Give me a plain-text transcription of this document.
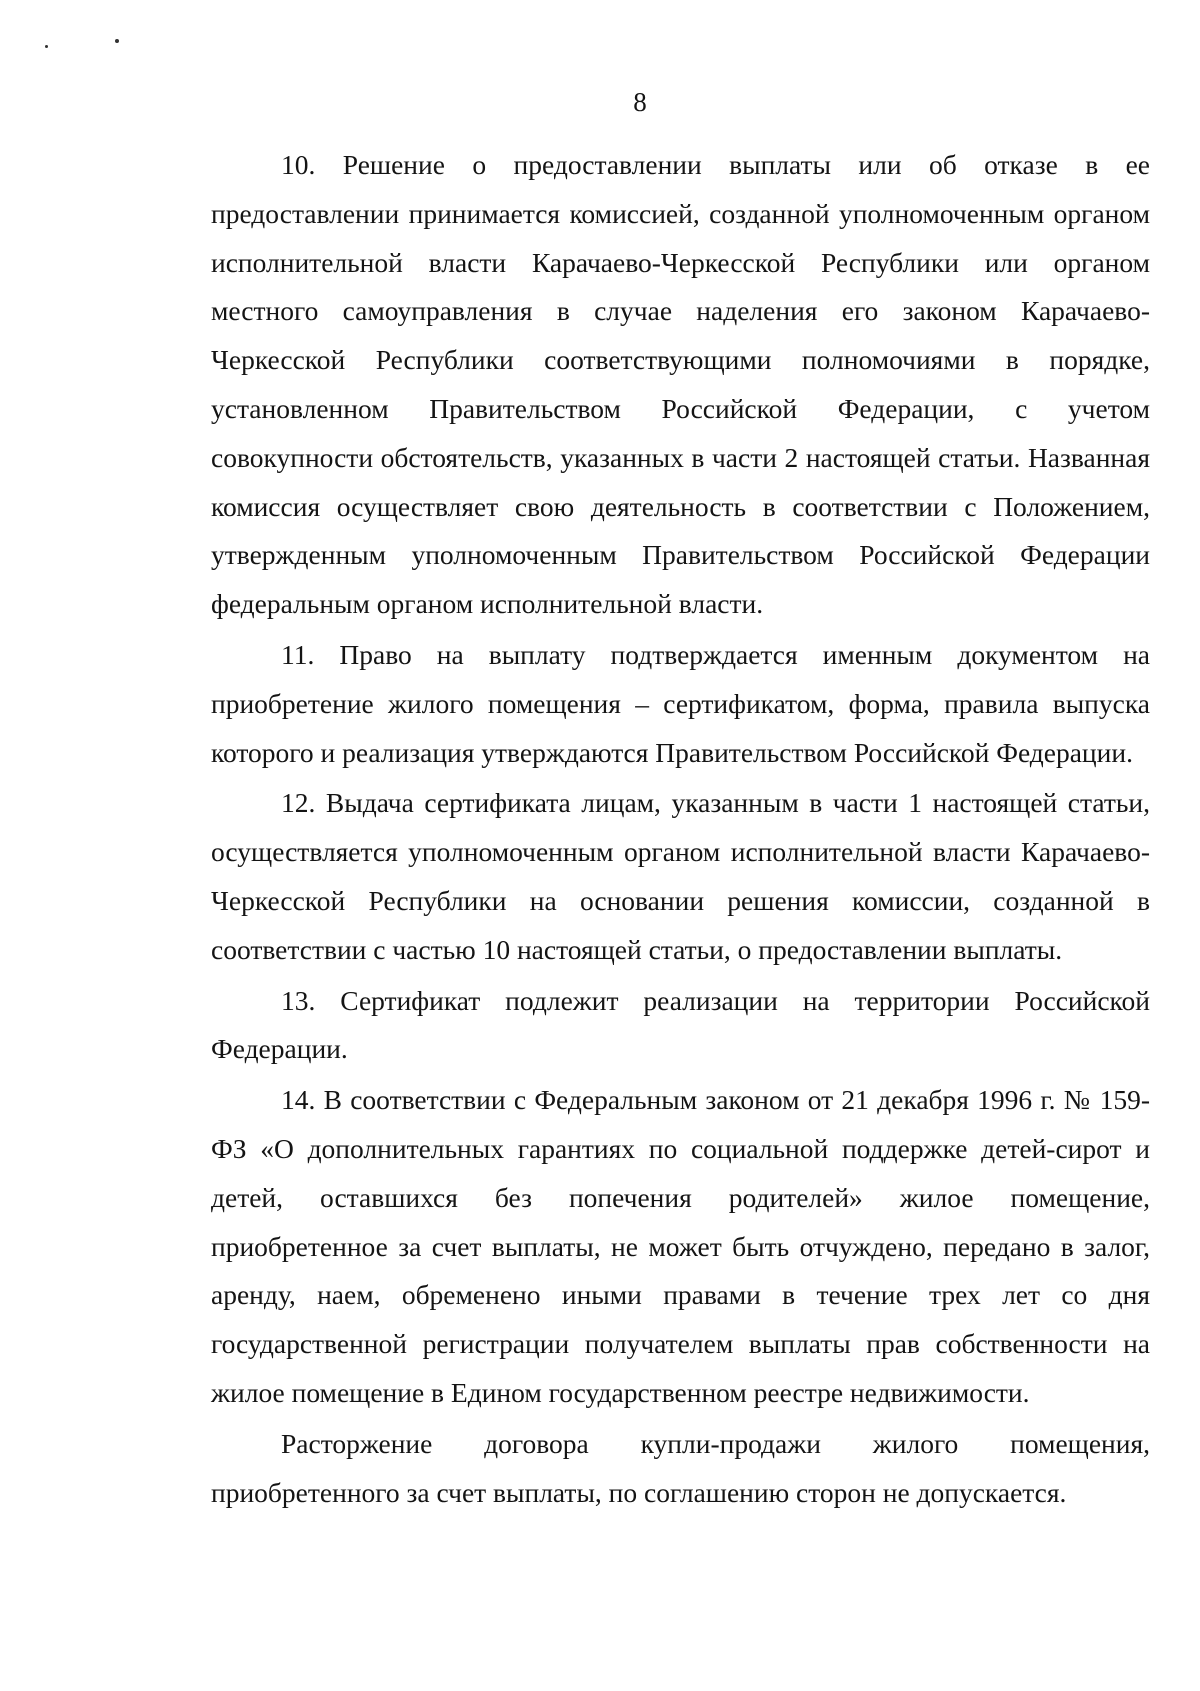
8

10. Решение о предоставлении выплаты или об отказе в ее предоставлении принимается комиссией, созданной уполномоченным органом исполнительной власти Карачаево-Черкесской Республики или органом местного самоуправления в случае наделения его законом Карачаево-Черкесской Республики соответствующими полномочиями в порядке, установленном Правительством Российской Федерации, с учетом совокупности обстоятельств, указанных в части 2 настоящей статьи. Названная комиссия осуществляет свою деятельность в соответствии с Положением, утвержденным уполномоченным Правительством Российской Федерации федеральным органом исполнительной власти.

11. Право на выплату подтверждается именным документом на приобретение жилого помещения – сертификатом, форма, правила выпуска которого и реализация утверждаются Правительством Российской Федерации.

12. Выдача сертификата лицам, указанным в части 1 настоящей статьи, осуществляется уполномоченным органом исполнительной власти Карачаево-Черкесской Республики на основании решения комиссии, созданной в соответствии с частью 10 настоящей статьи, о предоставлении выплаты.

13. Сертификат подлежит реализации на территории Российской Федерации.

14. В соответствии с Федеральным законом от 21 декабря 1996 г. № 159-ФЗ «О дополнительных гарантиях по социальной поддержке детей-сирот и детей, оставшихся без попечения родителей» жилое помещение, приобретенное за счет выплаты, не может быть отчуждено, передано в залог, аренду, наем, обременено иными правами в течение трех лет со дня государственной регистрации получателем выплаты прав собственности на жилое помещение в Едином государственном реестре недвижимости.

Расторжение договора купли-продажи жилого помещения, приобретенного за счет выплаты, по соглашению сторон не допускается.
